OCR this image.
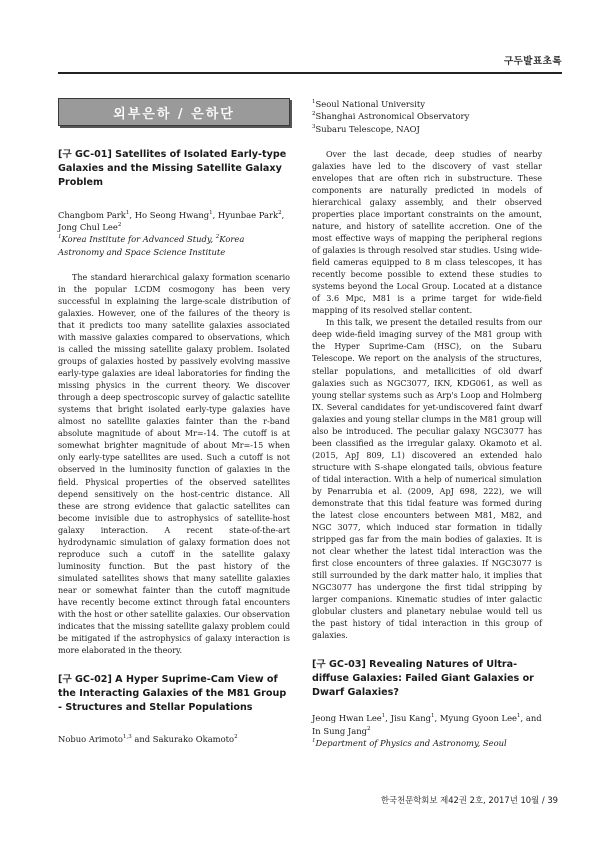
구두발표초록
외부은하 / 은하단

[구 GC-01] Satellites of Isolated Early-type Galaxies and the Missing Satellite Galaxy Problem

Changbom Park$^1$, Ho Seong Hwang$^1$, Hyunbae Park$^2$, Jong Chul Lee$^2$

$^1$Korea Institute for Advanced Study, $^2$Korea Astronomy and Space Science Institute

The standard hierarchical galaxy formation scenario in the popular LCDM cosmogony has been very successful in explaining the large-scale distribution of galaxies. However, one of the failures of the theory is that it predicts too many satellite galaxies associated with massive galaxies compared to observations, which is called the missing satellite galaxy problem. Isolated groups of galaxies hosted by passively evolving massive early-type galaxies are ideal laboratories for finding the missing physics in the current theory. We discover through a deep spectroscopic survey of galactic satellite systems that bright isolated early-type galaxies have almost no satellite galaxies fainter than the r-band absolute magnitude of about Mr=-14. The cutoff is at somewhat brighter magnitude of about Mr=-15 when only early-type satellites are used. Such a cutoff is not observed in the luminosity function of galaxies in the field. Physical properties of the observed satellites depend sensitively on the host-centric distance. All these are strong evidence that galactic satellites can become invisible due to astrophysics of satellite-host galaxy interaction. A recent state-of-the-art hydrodynamic simulation of galaxy formation does not reproduce such a cutoff in the satellite galaxy luminosity function. But the past history of the simulated satellites shows that many satellite galaxies near or somewhat fainter than the cutoff magnitude have recently become extinct through fatal encounters with the host or other satellite galaxies. Our observation indicates that the missing satellite galaxy problem could be mitigated if the astrophysics of galaxy interaction is more elaborated in the theory.

[구 GC-02] A Hyper Suprime-Cam View of the Interacting Galaxies of the M81 Group - Structures and Stellar Populations

Nobuo Arimoto$^{1,3}$ and Sakurako Okamoto$^2$

$^1$Seoul National University

$^2$Shanghai Astronomical Observatory

$^3$Subaru Telescope, NAOJ

Over the last decade, deep studies of nearby galaxies have led to the discovery of vast stellar envelopes that are often rich in substructure. These components are naturally predicted in models of hierarchical galaxy assembly, and their observed properties place important constraints on the amount, nature, and history of satellite accretion. One of the most effective ways of mapping the peripheral regions of galaxies is through resolved star studies. Using wide-field cameras equipped to 8 m class telescopes, it has recently become possible to extend these studies to systems beyond the Local Group. Located at a distance of 3.6 Mpc, M81 is a prime target for wide-field mapping of its resolved stellar content.

In this talk, we present the detailed results from our deep wide-field imaging survey of the M81 group with the Hyper Suprime-Cam (HSC), on the Subaru Telescope. We report on the analysis of the structures, stellar populations, and metallicities of old dwarf galaxies such as NGC3077, IKN, KDG061, as well as young stellar systems such as Arp's Loop and Holmberg IX. Several candidates for yet-undiscovered faint dwarf galaxies and young stellar clumps in the M81 group will also be introduced. The peculiar galaxy NGC3077 has been classified as the irregular galaxy. Okamoto et al. (2015, ApJ 809, L1) discovered an extended halo structure with S-shape elongated tails, obvious feature of tidal interaction. With a help of numerical simulation by Penarrubia et al. (2009, ApJ 698, 222), we will demonstrate that this tidal feature was formed during the latest close encounters between M81, M82, and NGC 3077, which induced star formation in tidally stripped gas far from the main bodies of galaxies. It is not clear whether the latest tidal interaction was the first close encounters of three galaxies. If NGC3077 is still surrounded by the dark matter halo, it implies that NGC3077 has undergone the first tidal stripping by larger companions. Kinematic studies of inter galactic globular clusters and planetary nebulae would tell us the past history of tidal interaction in this group of galaxies.

[구 GC-03] Revealing Natures of Ultra-diffuse Galaxies: Failed Giant Galaxies or Dwarf Galaxies?

Jeong Hwan Lee$^1$, Jisu Kang$^1$, Myung Gyoon Lee$^1$, and In Sung Jang$^2$

$^1$Department of Physics and Astronomy, Seoul

한국천문학회보 제42권 2호, 2017년 10월 / 39
